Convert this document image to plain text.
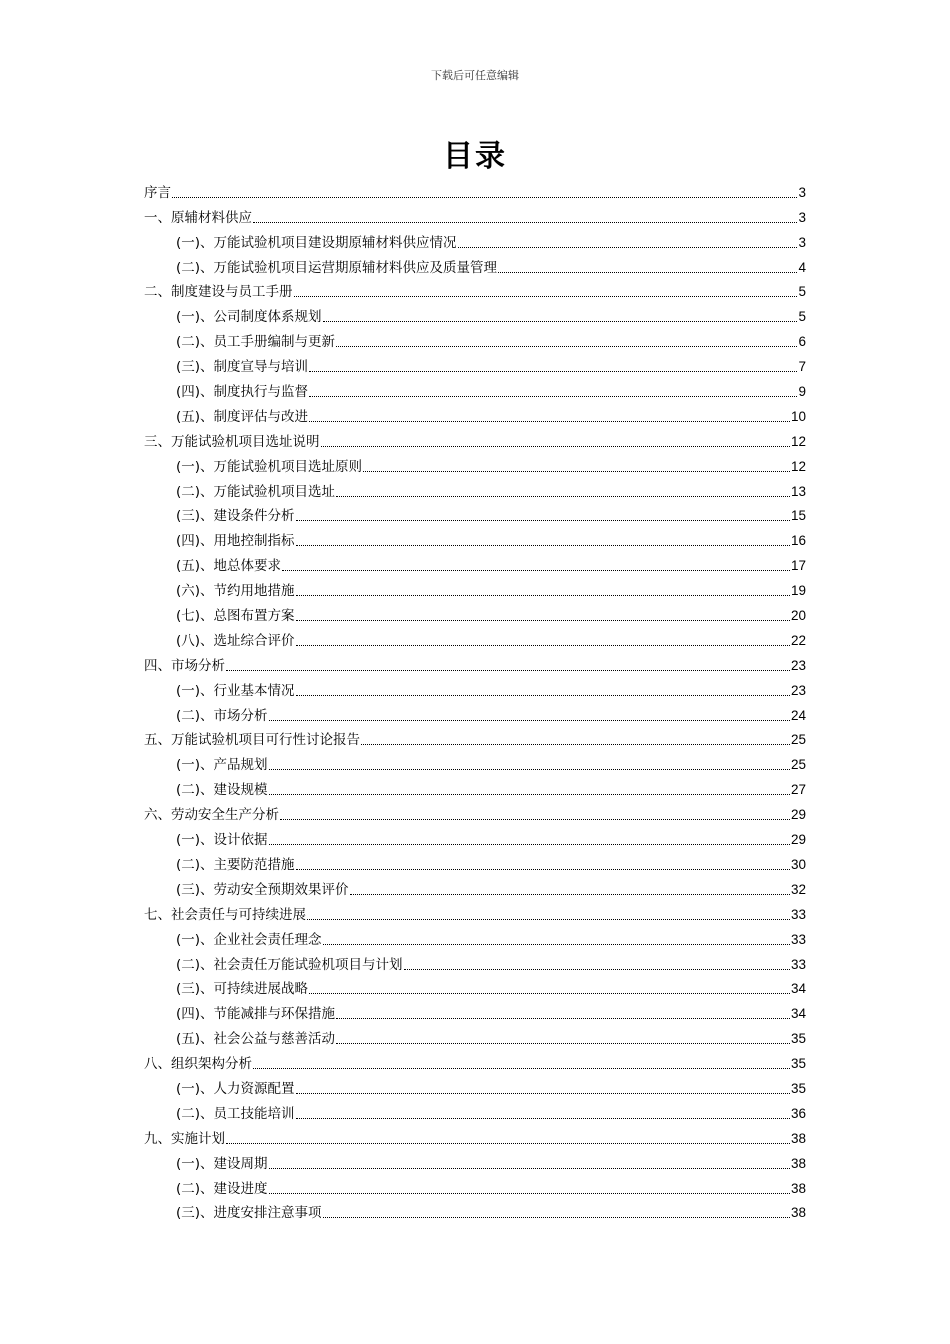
下载后可任意编辑
目录
序言	3
一、原辅材料供应	3
(一)、万能试验机项目建设期原辅材料供应情况	3
(二)、万能试验机项目运营期原辅材料供应及质量管理	4
二、制度建设与员工手册	5
(一)、公司制度体系规划	5
(二)、员工手册编制与更新	6
(三)、制度宣导与培训	7
(四)、制度执行与监督	9
(五)、制度评估与改进	10
三、万能试验机项目选址说明	12
(一)、万能试验机项目选址原则	12
(二)、万能试验机项目选址	13
(三)、建设条件分析	15
(四)、用地控制指标	16
(五)、地总体要求	17
(六)、节约用地措施	19
(七)、总图布置方案	20
(八)、选址综合评价	22
四、市场分析	23
(一)、行业基本情况	23
(二)、市场分析	24
五、万能试验机项目可行性讨论报告	25
(一)、产品规划	25
(二)、建设规模	27
六、劳动安全生产分析	29
(一)、设计依据	29
(二)、主要防范措施	30
(三)、劳动安全预期效果评价	32
七、社会责任与可持续进展	33
(一)、企业社会责任理念	33
(二)、社会责任万能试验机项目与计划	33
(三)、可持续进展战略	34
(四)、节能减排与环保措施	34
(五)、社会公益与慈善活动	35
八、组织架构分析	35
(一)、人力资源配置	35
(二)、员工技能培训	36
九、实施计划	38
(一)、建设周期	38
(二)、建设进度	38
(三)、进度安排注意事项	38
